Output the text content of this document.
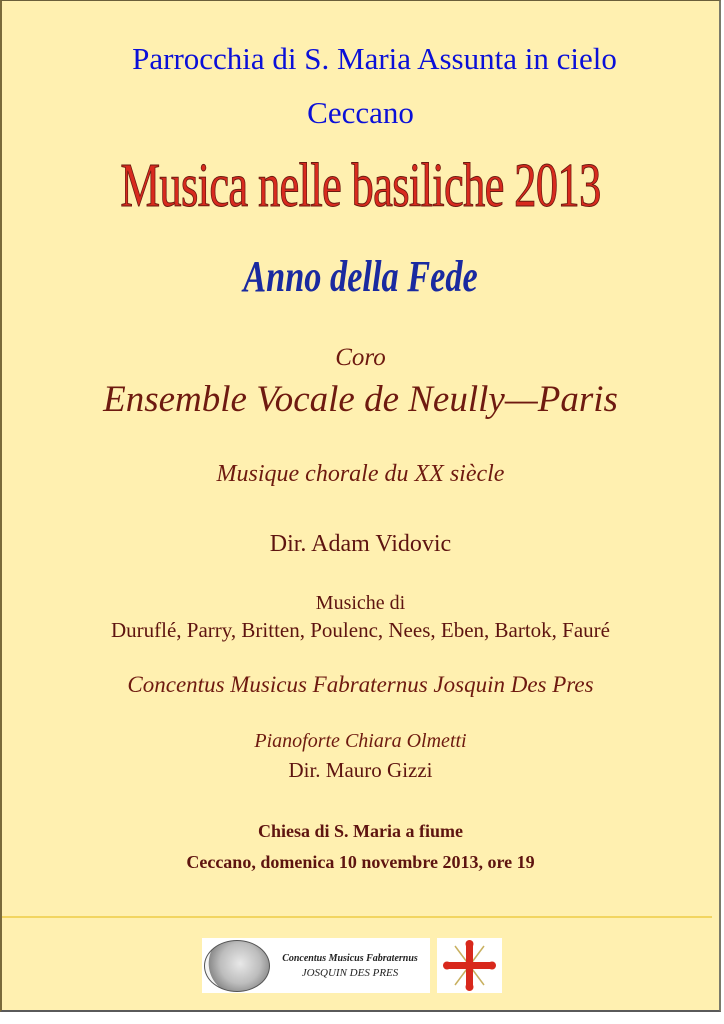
Parrocchia di S. Maria Assunta in cielo
Ceccano
Musica nelle basiliche 2013
Anno della Fede
Coro
Ensemble Vocale de Neully—Paris
Musique chorale du XX siècle
Dir. Adam Vidovic
Musiche di
Duruflé, Parry, Britten, Poulenc, Nees, Eben, Bartok, Fauré
Concentus Musicus Fabraternus Josquin Des Pres
Pianoforte Chiara Olmetti
Dir. Mauro Gizzi
Chiesa di S. Maria a fiume
Ceccano, domenica 10 novembre 2013, ore 19
Concentus Musicus Fabraternus
JOSQUIN DES PRES
